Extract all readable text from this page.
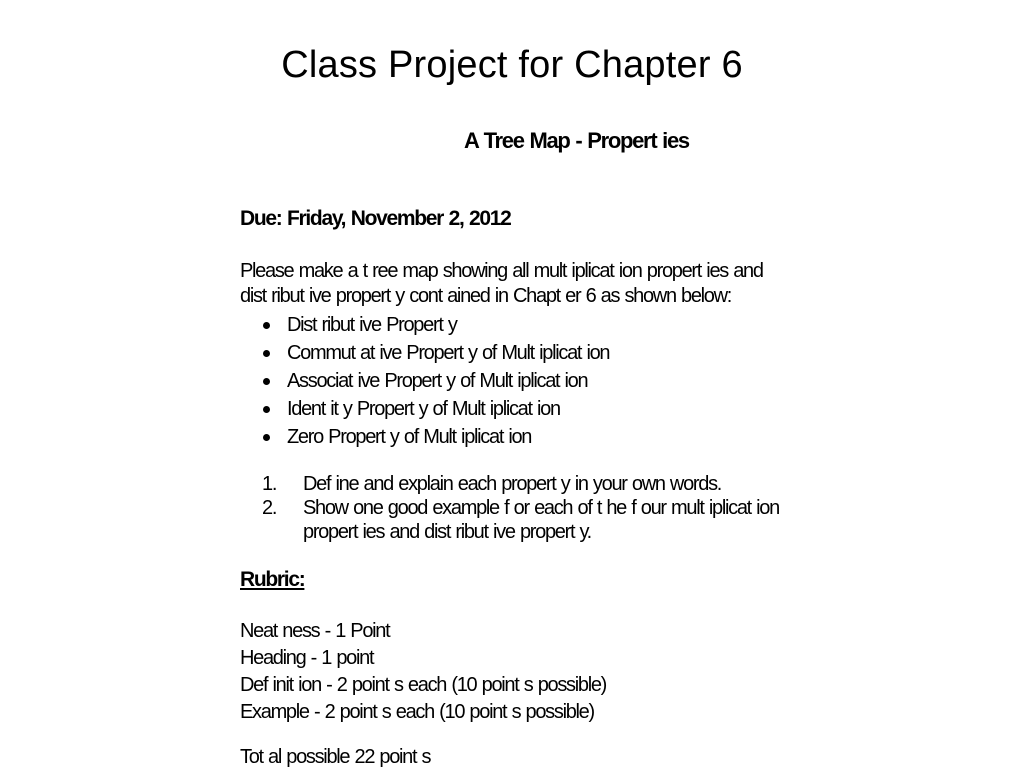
Class Project for Chapter 6
A Tree Map - Propert ies

Due: Friday, November 2, 2012

Please make a t ree map showing all mult iplicat ion propert ies and
dist ribut ive propert y cont ained in Chapt er 6 as shown below:

Dist ribut ive Propert y
Commut at ive Propert y of Mult iplicat ion
Associat ive Propert y of Mult iplicat ion
Ident it y Propert y of Mult iplicat ion
Zero Propert y of Mult iplicat ion
1. Def ine and explain each propert y in your own words.
2. Show one good example f or each of t he f our mult iplicat ion
propert ies and dist ribut ive propert y.

Rubric:

Neat ness - 1 Point
Heading - 1 point
Def init ion - 2 point s each (10 point s possible)
Example - 2 point s each (10 point s possible)

Tot al possible 22 point s
